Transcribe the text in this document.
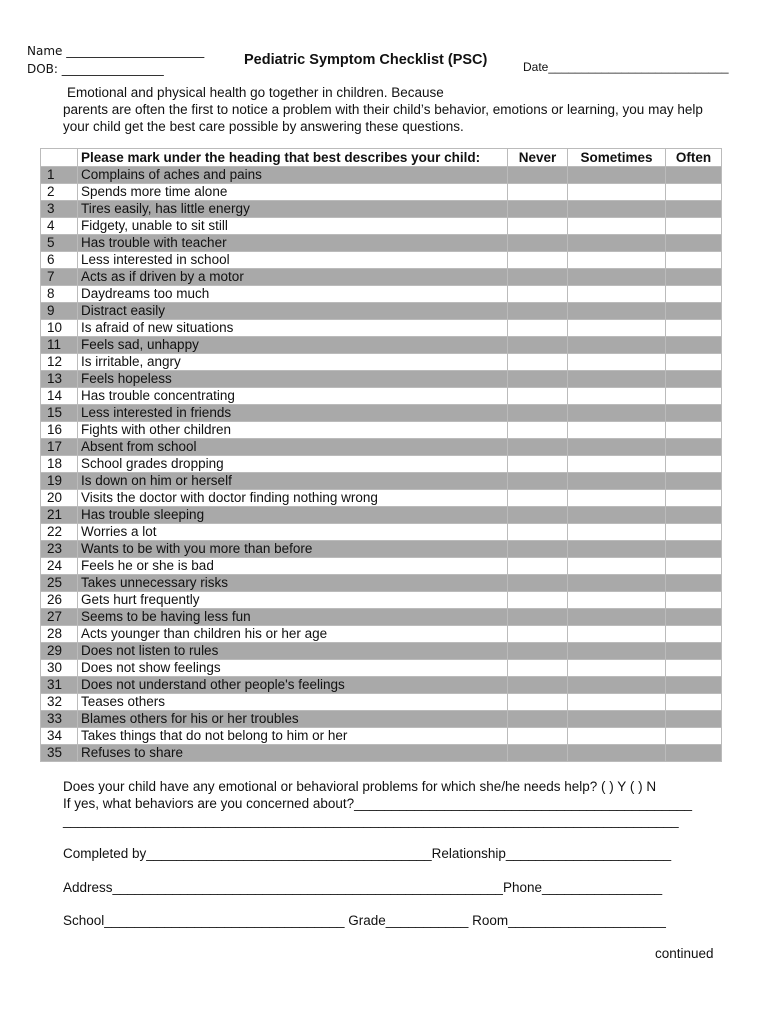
Name _______________________
DOB: _________________
Pediatric Symptom Checklist (PSC)	Date___________________________
Emotional and physical health go together in children. Because
parents are often the first to notice a problem with their child’s behavior, emotions or learning, you may help
your child get the best care possible by answering these questions.
	Please mark under the heading that best describes your child:	Never	Sometimes	Often
1	Complains of aches and pains			
2	Spends more time alone			
3	Tires easily, has little energy			
4	Fidgety, unable to sit still			
5	Has trouble with teacher			
6	Less interested in school			
7	Acts as if driven by a motor			
8	Daydreams too much			
9	Distract easily			
10	Is afraid of new situations			
11	Feels sad, unhappy			
12	Is irritable, angry			
13	Feels hopeless			
14	Has trouble concentrating			
15	Less interested in friends			
16	Fights with other children			
17	Absent from school			
18	School grades dropping			
19	Is down on him or herself			
20	Visits the doctor with doctor finding nothing wrong			
21	Has trouble sleeping			
22	Worries a lot			
23	Wants to be with you more than before			
24	Feels he or she is bad			
25	Takes unnecessary risks			
26	Gets hurt frequently			
27	Seems to be having less fun			
28	Acts younger than children his or her age			
29	Does not listen to rules			
30	Does not show feelings			
31	Does not understand other people's feelings			
32	Teases others			
33	Blames others for his or her troubles			
34	Takes things that do not belong to him or her			
35	Refuses to share			
Does your child have any emotional or behavioral problems for which she/he needs help? ( ) Y ( ) N
If yes, what behaviors are you concerned about?_____________________________________________
__________________________________________________________________________________
Completed by______________________________________Relationship______________________
Address____________________________________________________Phone________________
School________________________________ Grade___________ Room_____________________
continued
